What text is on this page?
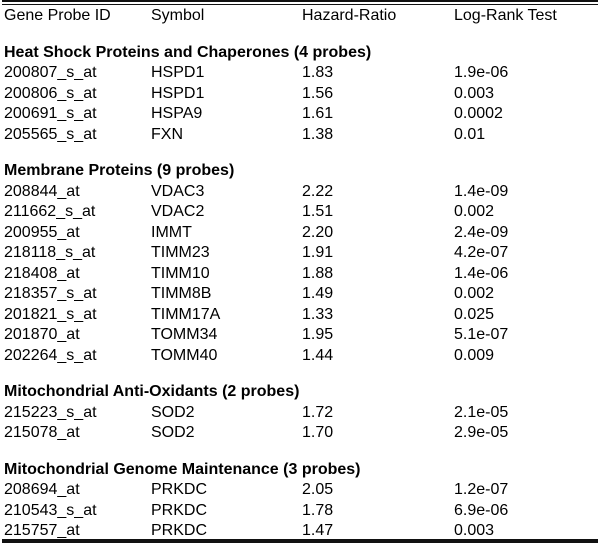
Gene Probe ID	Symbol	Hazard-Ratio	Log-Rank Test
Heat Shock Proteins and Chaperones (4 probes)
200807_s_at	HSPD1	1.83	1.9e-06
200806_s_at	HSPD1	1.56	0.003
200691_s_at	HSPA9	1.61	0.0002
205565_s_at	FXN	1.38	0.01
Membrane Proteins (9 probes)
208844_at	VDAC3	2.22	1.4e-09
211662_s_at	VDAC2	1.51	0.002
200955_at	IMMT	2.20	2.4e-09
218118_s_at	TIMM23	1.91	4.2e-07
218408_at	TIMM10	1.88	1.4e-06
218357_s_at	TIMM8B	1.49	0.002
201821_s_at	TIMM17A	1.33	0.025
201870_at	TOMM34	1.95	5.1e-07
202264_s_at	TOMM40	1.44	0.009
Mitochondrial Anti-Oxidants (2 probes)
215223_s_at	SOD2	1.72	2.1e-05
215078_at	SOD2	1.70	2.9e-05
Mitochondrial Genome Maintenance (3 probes)
208694_at	PRKDC	2.05	1.2e-07
210543_s_at	PRKDC	1.78	6.9e-06
215757_at	PRKDC	1.47	0.003
